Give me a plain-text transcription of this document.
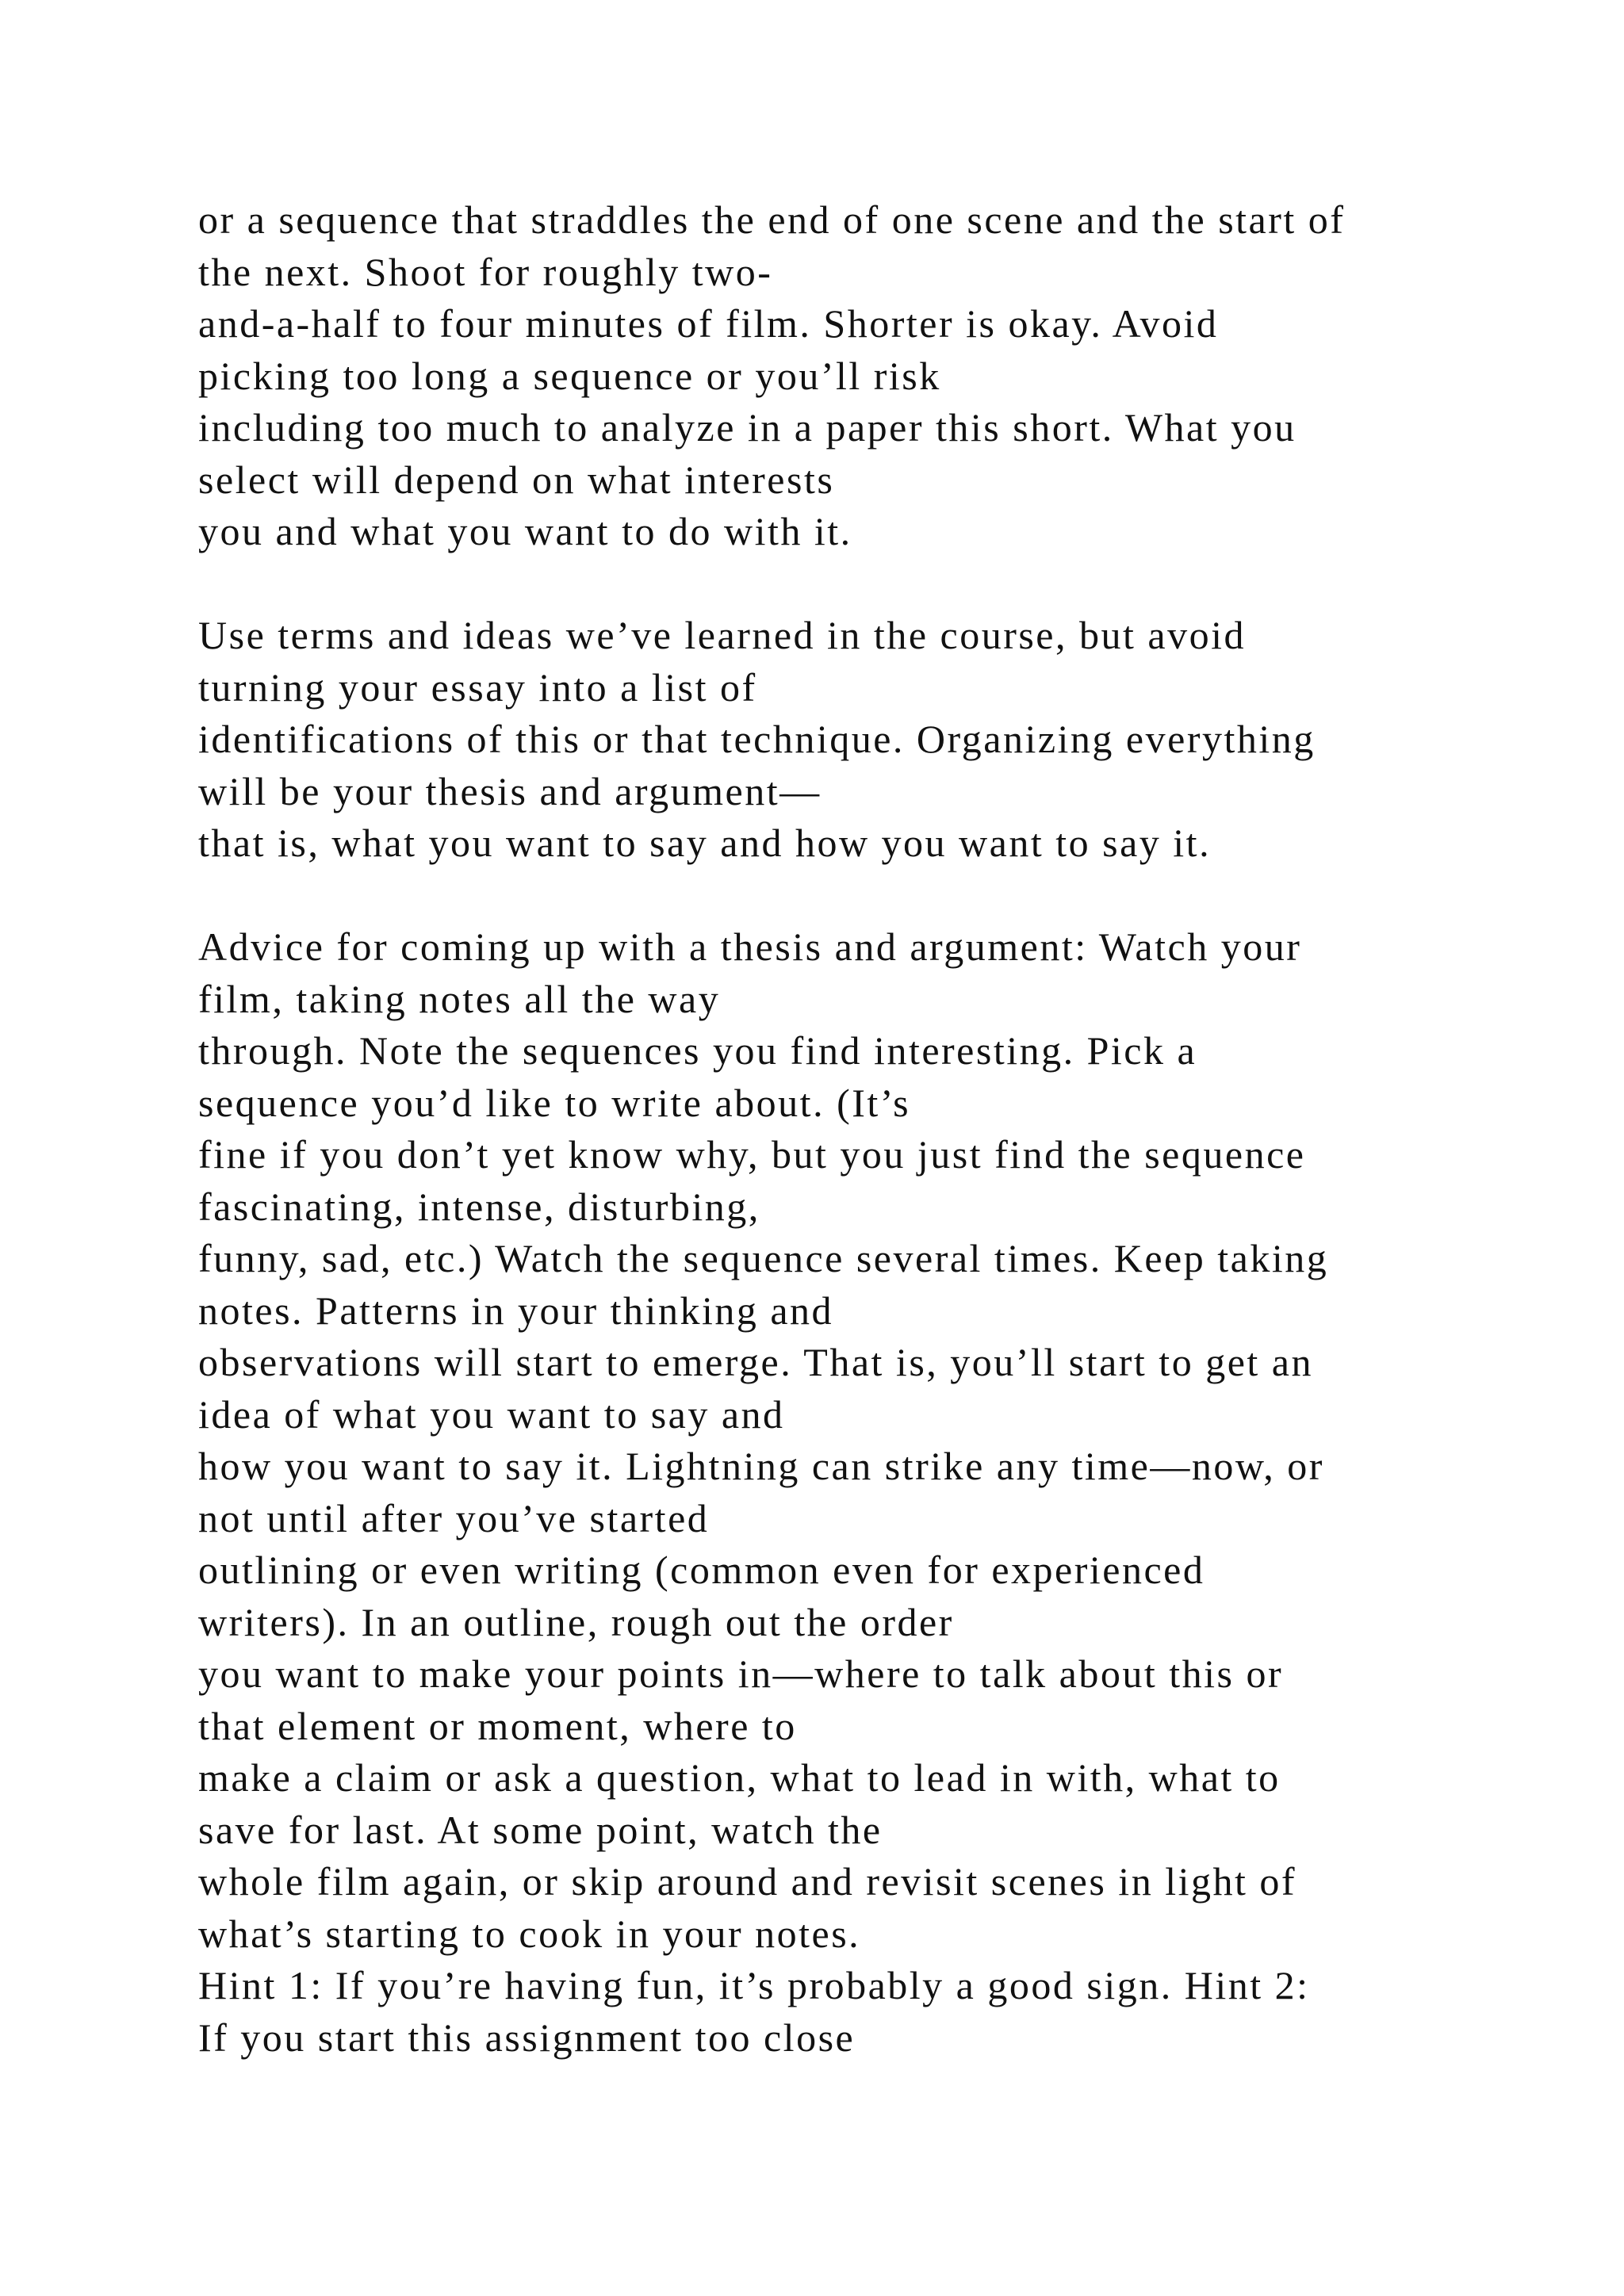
or a sequence that straddles the end of one scene and the start of
the next. Shoot for roughly two-
and-a-half to four minutes of film. Shorter is okay. Avoid
picking too long a sequence or you’ll risk
including too much to analyze in a paper this short. What you
select will depend on what interests
you and what you want to do with it.
Use terms and ideas we’ve learned in the course, but avoid
turning your essay into a list of
identifications of this or that technique. Organizing everything
will be your thesis and argument—
that is, what you want to say and how you want to say it.
Advice for coming up with a thesis and argument: Watch your
film, taking notes all the way
through. Note the sequences you find interesting. Pick a
sequence you’d like to write about. (It’s
fine if you don’t yet know why, but you just find the sequence
fascinating, intense, disturbing,
funny, sad, etc.) Watch the sequence several times. Keep taking
notes. Patterns in your thinking and
observations will start to emerge. That is, you’ll start to get an
idea of what you want to say and
how you want to say it. Lightning can strike any time—now, or
not until after you’ve started
outlining or even writing (common even for experienced
writers). In an outline, rough out the order
you want to make your points in—where to talk about this or
that element or moment, where to
make a claim or ask a question, what to lead in with, what to
save for last. At some point, watch the
whole film again, or skip around and revisit scenes in light of
what’s starting to cook in your notes.
Hint 1: If you’re having fun, it’s probably a good sign. Hint 2:
If you start this assignment too close
